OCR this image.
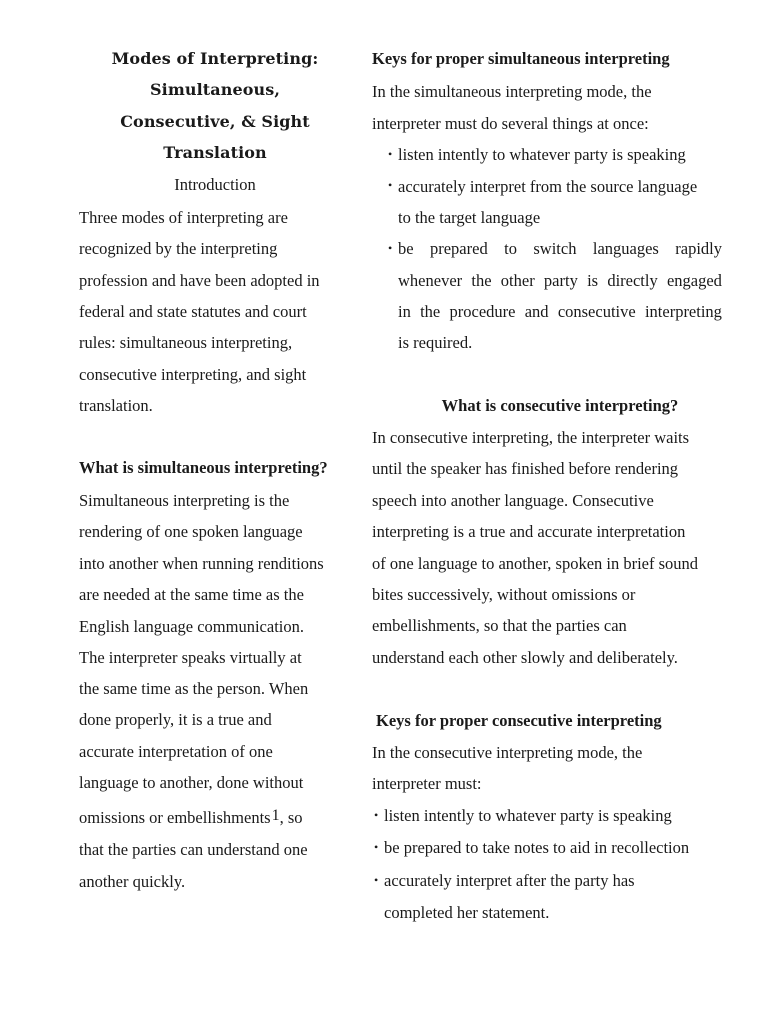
Modes of Interpreting:
Simultaneous,
Consecutive, & Sight
Translation
Introduction
Three modes of interpreting are
recognized by the interpreting
profession and have been adopted in
federal and state statutes and court
rules: simultaneous interpreting,
consecutive interpreting, and sight
translation.
What is simultaneous interpreting?
Simultaneous interpreting is the
rendering of one spoken language
into another when running renditions
are needed at the same time as the
English language communication.
The interpreter speaks virtually at
the same time as the person. When
done properly, it is a true and
accurate interpretation of one
language to another, done without
omissions or embellishments1, so
that the parties can understand one
another quickly.
Keys for proper simultaneous interpreting
In the simultaneous interpreting mode, the
interpreter must do several things at once:
• listen intently to whatever party is speaking
• accurately interpret from the source language
to the target language
• be prepared to switch languages rapidly
whenever the other party is directly engaged
in the procedure and consecutive interpreting
is required.
What is consecutive interpreting?
In consecutive interpreting, the interpreter waits
until the speaker has finished before rendering
speech into another language. Consecutive
interpreting is a true and accurate interpretation
of one language to another, spoken in brief sound
bites successively, without omissions or
embellishments, so that the parties can
understand each other slowly and deliberately.
Keys for proper consecutive interpreting
In the consecutive interpreting mode, the
interpreter must:
• listen intently to whatever party is speaking
• be prepared to take notes to aid in recollection
• accurately interpret after the party has
completed her statement.
